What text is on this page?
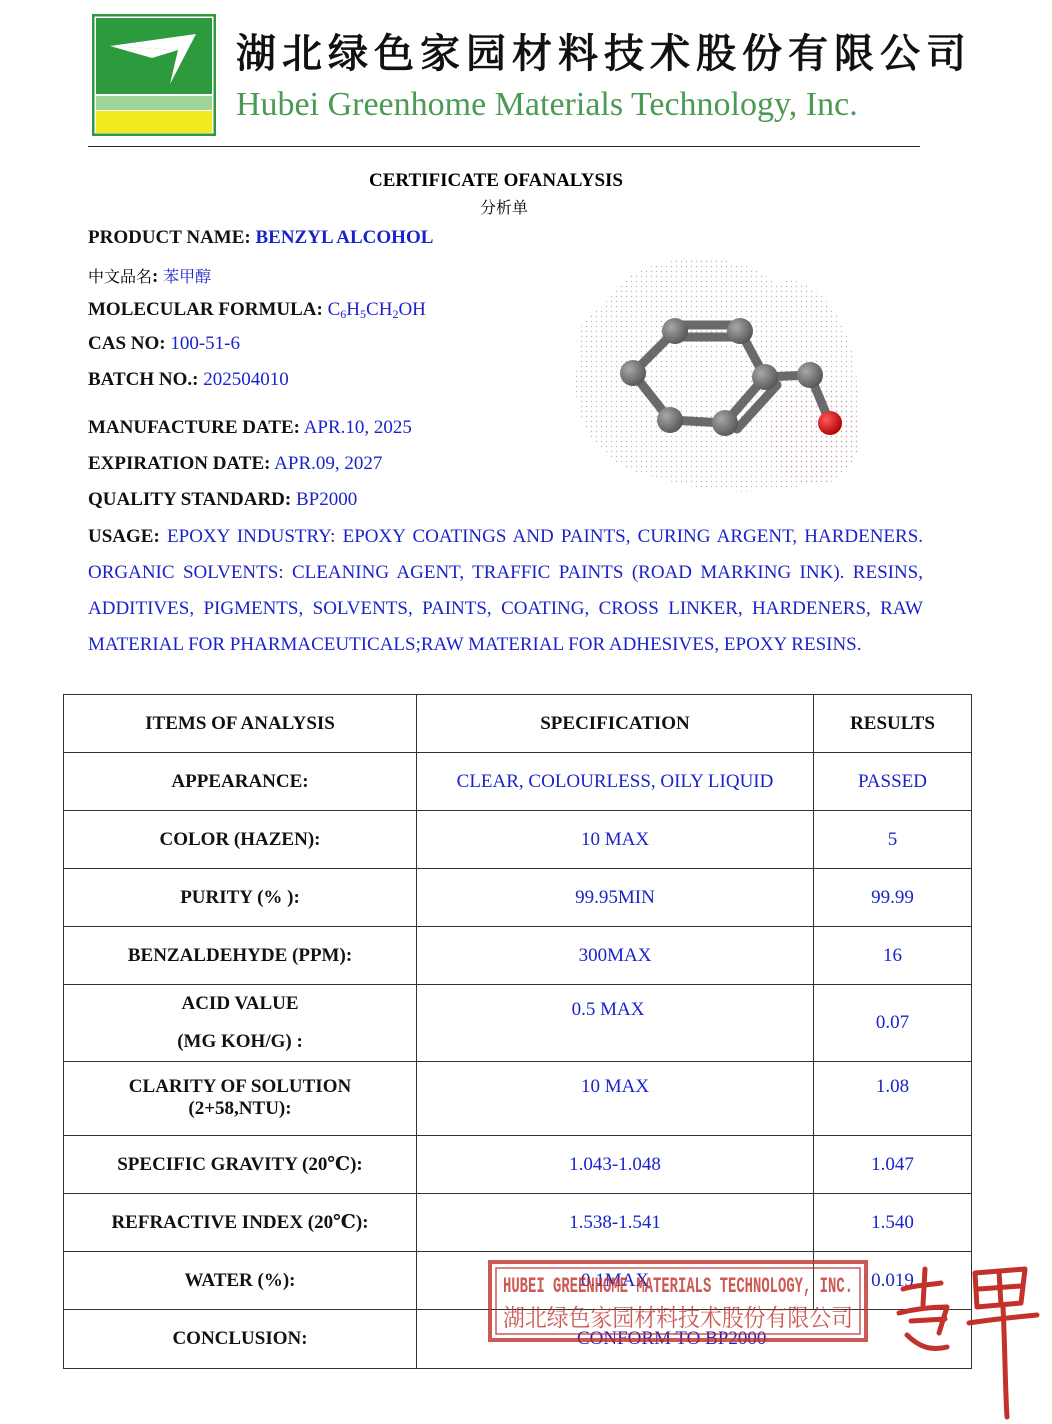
湖北绿色家园材料技术股份有限公司
Hubei Greenhome Materials Technology, Inc.
CERTIFICATE OFANALYSIS
分析单
PRODUCT NAME: BENZYL ALCOHOL
中文品名: 苯甲醇
MOLECULAR FORMULA: $C_6H_5CH_2OH$
CAS NO: 100-51-6
BATCH NO.: 202504010
MANUFACTURE DATE: APR.10, 2025
EXPIRATION DATE: APR.09, 2027
QUALITY STANDARD: BP2000
USAGE: EPOXY INDUSTRY: EPOXY COATINGS AND PAINTS, CURING ARGENT, HARDENERS. ORGANIC SOLVENTS: CLEANING AGENT, TRAFFIC PAINTS (ROAD MARKING INK). RESINS, ADDITIVES, PIGMENTS, SOLVENTS, PAINTS, COATING, CROSS LINKER, HARDENERS, RAW MATERIAL FOR PHARMACEUTICALS;RAW MATERIAL FOR ADHESIVES, EPOXY RESINS.
ITEMS OF ANALYSIS	SPECIFICATION	RESULTS
APPEARANCE:	CLEAR, COLOURLESS, OILY LIQUID	PASSED
COLOR (HAZEN):	10 MAX	5
PURITY (% ):	99.95MIN	99.99
BENZALDEHYDE (PPM):	300MAX	16

ACID VALUE
(MG KOH/G) :	0.5 MAX	0.07

CLARITY OF SOLUTION
(2+58,NTU):	10 MAX	1.08
SPECIFIC GRAVITY (20℃):	1.043-1.048	1.047
REFRACTIVE INDEX (20℃):	1.538-1.541	1.540
WATER (%):	0.1MAX	0.019
CONCLUSION:	CONFORM TO BP2000	
HUBEI GREENHOME MATERIALS TECHNOLOGY, INC.
湖北绿色家园材料技术股份有限公司
